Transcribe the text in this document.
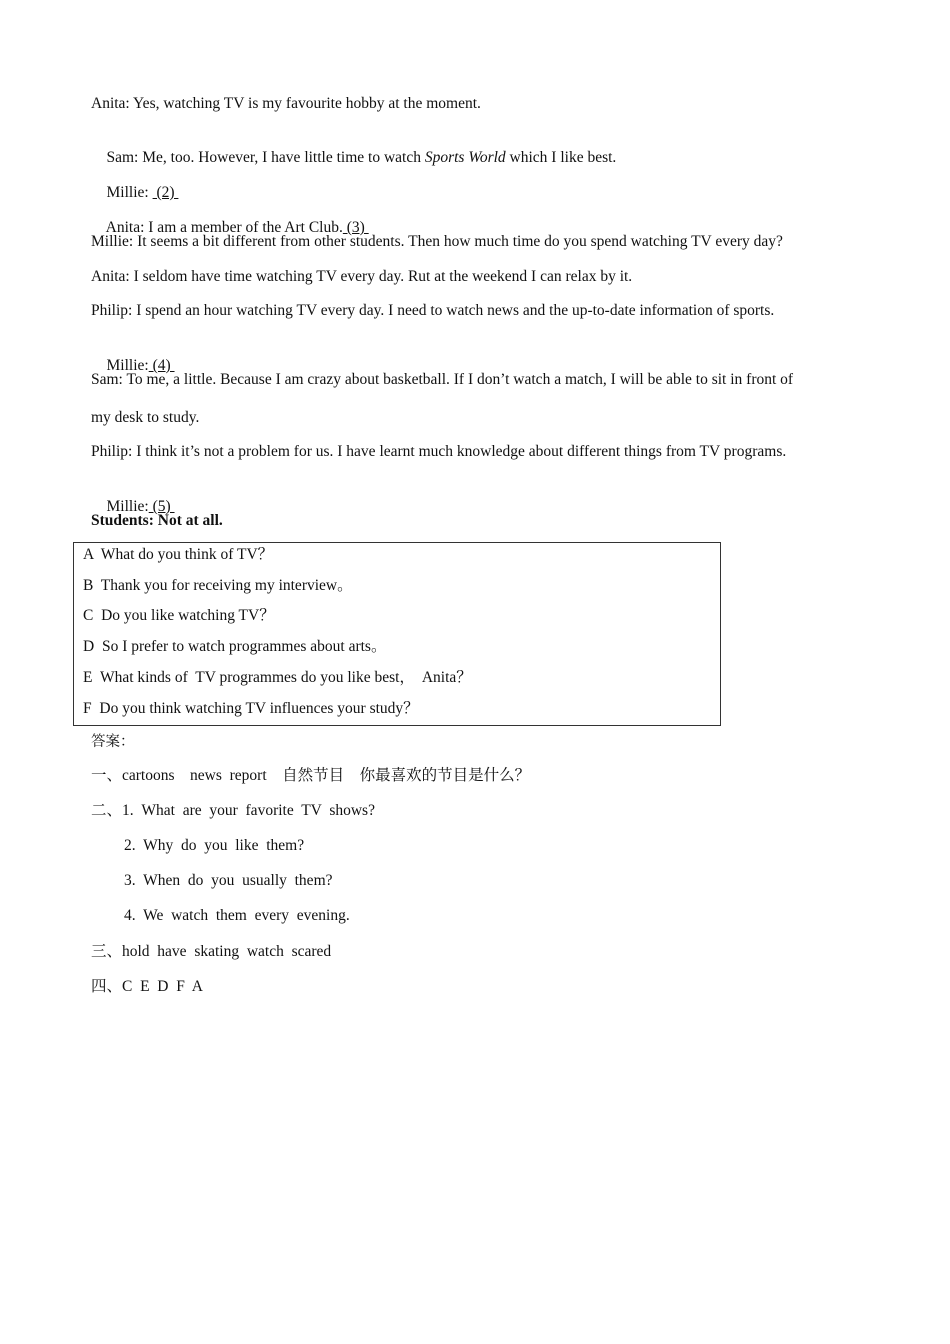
Anita: Yes, watching TV is my favourite hobby at the moment.

Sam: Me, too. However, I have little time to watch Sports World which I like best.

Millie:  (2)

Anita: I am a member of the Art Club. (3)

Millie: It seems a bit different from other students. Then how much time do you spend watching TV every day?
Anita: I seldom have time watching TV every day. Rut at the weekend I can relax by it.
Philip: I spend an hour watching TV every day. I need to watch news and the up-to-date information of sports.

Millie: (4)

Sam: To me, a little. Because I am crazy about basketball. If I don’t watch a match, I will be able to sit in front of
my desk to study.
Philip: I think it’s not a problem for us. I have learnt much knowledge about different things from TV programs.

Millie: (5)

Students: Not at all.
A  What do you think of TV？
B  Thank you for receiving my interview。
C  Do you like watching TV？
D  So I prefer to watch programmes about arts。
E  What kinds of  TV programmes do you like best，  Anita？
F  Do you think watching TV influences your study？
答案：
一、cartoons    news  report    自然节目    你最喜欢的节目是什么？
二、1.  What  are  your  favorite  TV  shows?
2.  Why  do  you  like  them?
3.  When  do  you  usually  them?
4.  We  watch  them  every  evening.
三、hold  have  skating  watch  scared
四、C  E  D  F  A
